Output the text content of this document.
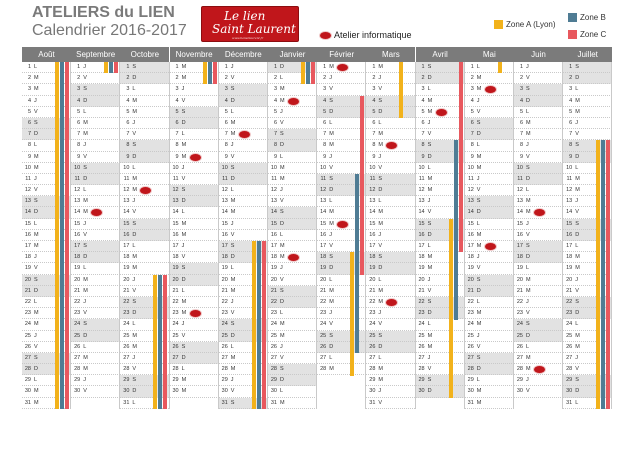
ATELIERS du LIEN
Calendrier 2016-2017
Le lien
Saint Laurent
www.lienstlaurent.fr	Atelier informatique
Zone A (Lyon)
Zone B
Zone C
Août
1 L
2 M
3 M
4 J
5 V
6 S
7 D
8 L
9 M
10 M
11 J
12 V
13 S
14 D
15 L
16 M
17 M
18 J
19 V
20 S
21 D
22 L
23 M
24 M
25 J
26 V
27 S
28 D
29 L
30 M
31 M
Septembre
1 J
2 V
3 S
4 D
5 L
6 M
7 M
8 J
9 V
10 S
11 D
12 L
13 M
14 M
15 J
16 V
17 S
18 D
19 L
20 M
21 M
22 J
23 V
24 S
25 D
26 L
27 M
28 M
29 J
30 V
Octobre
1 S
2 D
3 L
4 M
5 M
6 J
7 V
8 S
9 D
10 L
11 M
12 M
13 J
14 V
15 S
16 D
17 L
18 M
19 M
20 J
21 V
22 S
23 D
24 L
25 M
26 M
27 J
28 V
29 S
30 D
31 L
Novembre
1 M
2 M
3 J
4 V
5 S
6 D
7 L
8 M
9 M
10 J
11 V
12 S
13 D
14 L
15 M
16 M
17 J
18 V
19 S
20 D
21 L
22 M
23 M
24 J
25 V
26 S
27 D
28 L
29 M
30 M
Décembre
1 J
2 V
3 S
4 D
5 L
6 M
7 M
8 J
9 V
10 S
11 D
12 L
13 M
14 M
15 J
16 V
17 S
18 D
19 L
20 M
21 M
22 J
23 V
24 S
25 D
26 L
27 M
28 M
29 J
30 V
31 S
Janvier
1 D
2 L
3 M
4 M
5 J
6 V
7 S
8 D
9 L
10 M
11 M
12 J
13 V
14 S
15 D
16 L
17 M
18 M
19 J
20 V
21 S
22 D
23 L
24 M
25 M
26 J
27 V
28 S
29 D
30 L
31 M
Février
1 M
2 J
3 V
4 S
5 D
6 L
7 M
8 M
9 J
10 V
11 S
12 D
13 L
14 M
15 M
16 J
17 V
18 S
19 D
20 L
21 M
22 M
23 J
24 V
25 S
26 D
27 L
28 M
Mars
1 M
2 J
3 V
4 S
5 D
6 L
7 M
8 M
9 J
10 V
11 S
12 D
13 L
14 M
15 M
16 J
17 V
18 S
19 D
20 L
21 M
22 M
23 J
24 V
25 S
26 D
27 L
28 M
29 M
30 J
31 V
Avril
1 S
2 D
3 L
4 M
5 M
6 J
7 V
8 S
9 D
10 L
11 M
12 M
13 J
14 V
15 S
16 D
17 L
18 M
19 M
20 J
21 V
22 S
23 D
24 L
25 M
26 M
27 J
28 V
29 S
30 D
Mai
1 L
2 M
3 M
4 J
5 V
6 S
7 D
8 L
9 M
10 M
11 J
12 V
13 S
14 D
15 L
16 M
17 M
18 J
19 V
20 S
21 D
22 L
23 M
24 M
25 J
26 V
27 S
28 D
29 L
30 M
31 M
Juin
1 J
2 V
3 S
4 D
5 L
6 M
7 M
8 J
9 V
10 S
11 D
12 L
13 M
14 M
15 J
16 V
17 S
18 D
19 L
20 M
21 M
22 J
23 V
24 S
25 D
26 L
27 M
28 M
29 J
30 V
Juillet
1 S
2 D
3 L
4 M
5 M
6 J
7 V
8 S
9 D
10 L
11 M
12 M
13 J
14 V
15 S
16 D
17 L
18 M
19 M
20 J
21 V
22 S
23 D
24 L
25 M
26 M
27 J
28 V
29 S
30 D
31 L
